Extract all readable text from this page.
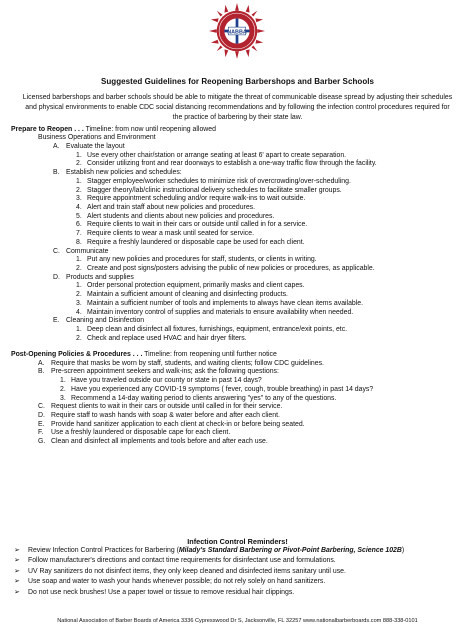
NABBA
Suggested Guidelines for Reopening Barbershops and Barber Schools
Licensed barbershops and barber schools should be able to mitigate the threat of communicable disease spread by adjusting their schedules and physical environments to enable CDC social distancing recommendations and by following the infection control procedures required for the practice of barbering by their state law.
Prepare to Reopen . . . Timeline: from now until reopening allowed
Business Operations and Environment
A. Evaluate the layout
1. Use every other chair/station or arrange seating at least 6' apart to create separation.
2. Consider utilizing front and rear doorways to establish a one-way traffic flow through the facility.
B. Establish new policies and schedules:
1. Stagger employee/worker schedules to minimize risk of overcrowding/over-scheduling.
2. Stagger theory/lab/clinic instructional delivery schedules to facilitate smaller groups.
3. Require appointment scheduling and/or require walk-ins to wait outside.
4. Alert and train staff about new policies and procedures.
5. Alert students and clients about new policies and procedures.
6. Require clients to wait in their cars or outside until called in for a service.
7. Require clients to wear a mask until seated for service.
8. Require a freshly laundered or disposable cape be used for each client.
C. Communicate
1. Put any new policies and procedures for staff, students, or clients in writing.
2. Create and post signs/posters advising the public of new policies or procedures, as applicable.
D. Products and supplies
1. Order personal protection equipment, primarily masks and client capes.
2. Maintain a sufficient amount of cleaning and disinfecting products.
3. Maintain a sufficient number of tools and implements to always have clean items available.
4. Maintain inventory control of supplies and materials to ensure availability when needed.
E. Cleaning and Disinfection
1. Deep clean and disinfect all fixtures, furnishings, equipment, entrance/exit points, etc.
2. Check and replace used HVAC and hair dryer filters.
Post-Opening Policies & Procedures . . . Timeline: from reopening until further notice
A. Require that masks be worn by staff, students, and waiting clients; follow CDC guidelines.
B. Pre-screen appointment seekers and walk-ins; ask the following questions:
1. Have you traveled outside our county or state in past 14 days?
2. Have you experienced any COVID-19 symptoms ( fever, cough, trouble breathing) in past 14 days?
3. Recommend a 14-day waiting period to clients answering "yes" to any of the questions.
C. Request clients to wait in their cars or outside until called in for their service.
D. Require staff to wash hands with soap & water before and after each client.
E. Provide hand sanitizer application to each client at check-in or before being seated.
F. Use a freshly laundered or disposable cape for each client.
G. Clean and disinfect all implements and tools before and after each use.
Infection Control Reminders!
➢ Review Infection Control Practices for Barbering (Milady's Standard Barbering or Pivot-Point Barbering, Science 102B)
➢ Follow manufacturer's directions and contact time requirements for disinfectant use and formulations.
➢ UV Ray sanitizers do not disinfect items, they only keep cleaned and disinfected items sanitary until use.
➢ Use soap and water to wash your hands whenever possible; do not rely solely on hand sanitizers.
➢ Do not use neck brushes! Use a paper towel or tissue to remove residual hair clippings.
National Association of Barber Boards of America 3336 Cypresswood Dr S, Jacksonville, FL 32257 www.nationalbarberboards.com 888-338-0101
